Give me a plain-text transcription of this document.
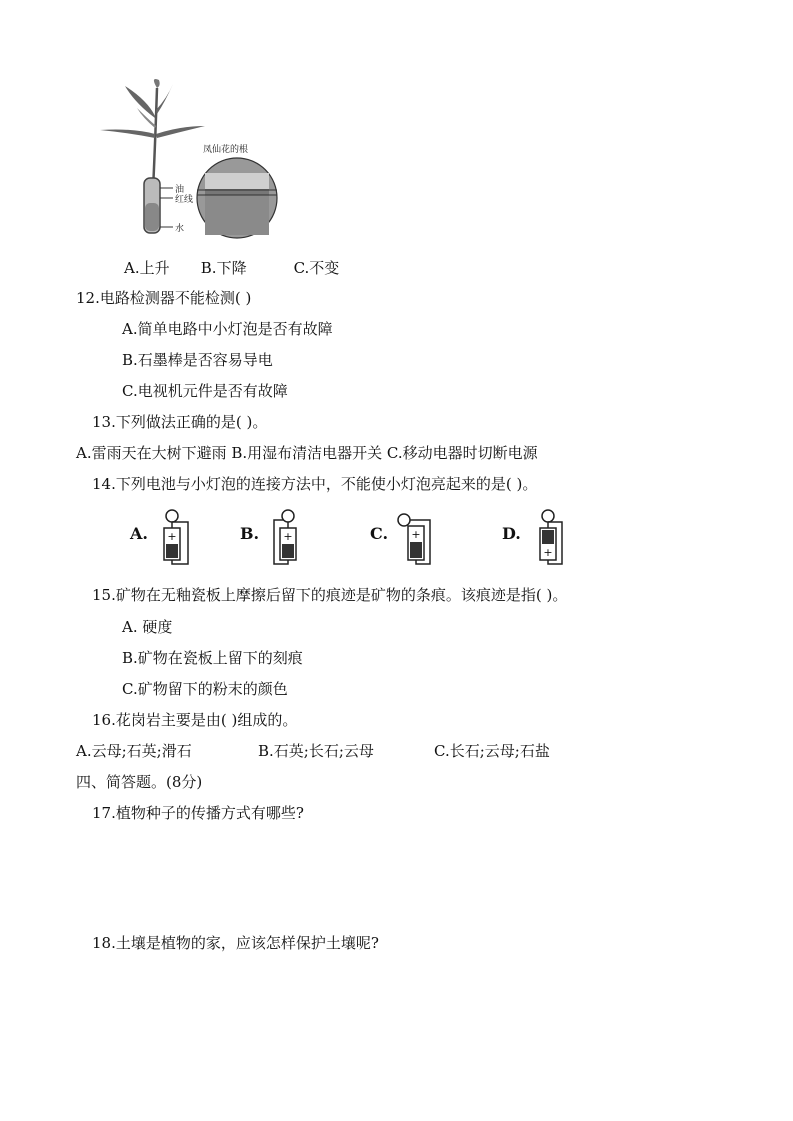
油
红线
水
凤仙花的根
A.上升 B.下降	C.不变
12.电路检测器不能检测( )
A.简单电路中小灯泡是否有故障
B.石墨棒是否容易导电
C.电视机元件是否有故障
13.下列做法正确的是( )。
A.雷雨天在大树下避雨 B.用湿布清洁电器开关 C.移动电器时切断电源
14.下列电池与小灯泡的连接方法中，不能使小灯泡亮起来的是( )。
A. +	B. +	C. +	D.
+
15.矿物在无釉瓷板上摩擦后留下的痕迹是矿物的条痕。该痕迹是指( )。
A. 硬度
B.矿物在瓷板上留下的刻痕
C.矿物留下的粉末的颜色
16.花岗岩主要是由( )组成的。
A.云母;石英;滑石	B.石英;长石;云母	C.长石;云母;石盐
四、简答题。(8分)
17.植物种子的传播方式有哪些?
18.土壤是植物的家，应该怎样保护土壤呢?
